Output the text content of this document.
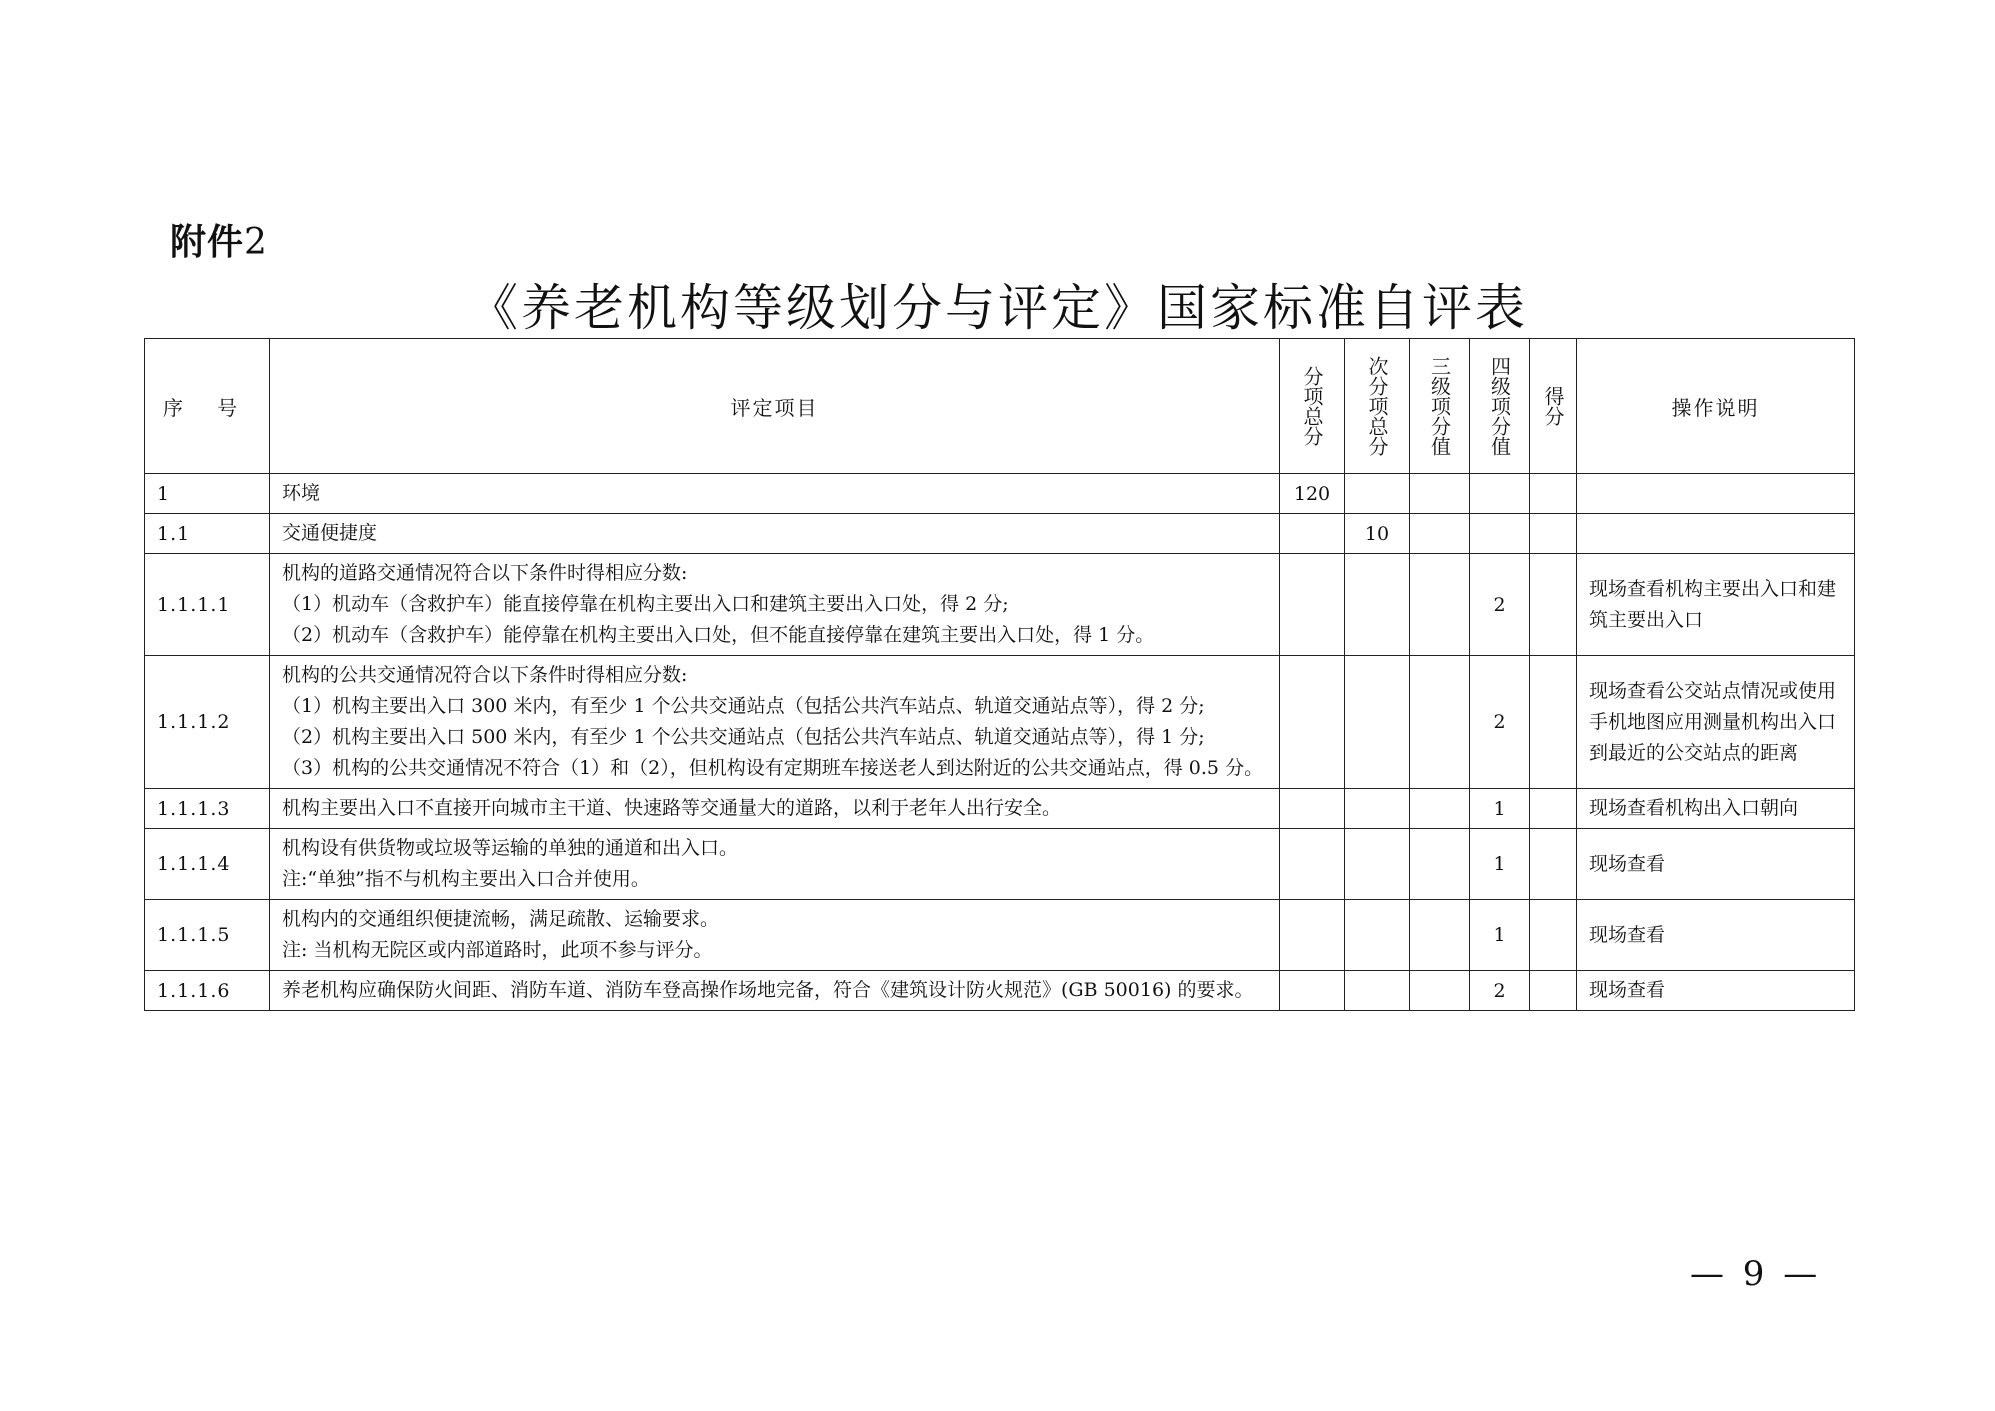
附件2
《养老机构等级划分与评定》国家标准自评表
序 号	评定项目	分项总分	次分项总分	三级项分值	四级项分值	得分	操作说明
1	环境	120					
1.1	交通便捷度		10				
1.1.1.1	机构的道路交通情况符合以下条件时得相应分数:
（1）机动车（含救护车）能直接停靠在机构主要出入口和建筑主要出入口处，得 2 分;
（2）机动车（含救护车）能停靠在机构主要出入口处，但不能直接停靠在建筑主要出入口处，得 1 分。				2		现场查看机构主要出入口和建筑主要出入口
1.1.1.2	机构的公共交通情况符合以下条件时得相应分数:
（1）机构主要出入口 300 米内，有至少 1 个公共交通站点（包括公共汽车站点、轨道交通站点等），得 2 分;
（2）机构主要出入口 500 米内，有至少 1 个公共交通站点（包括公共汽车站点、轨道交通站点等），得 1 分;
（3）机构的公共交通情况不符合（1）和（2），但机构设有定期班车接送老人到达附近的公共交通站点，得 0.5 分。				2		现场查看公交站点情况或使用手机地图应用测量机构出入口到最近的公交站点的距离
1.1.1.3	机构主要出入口不直接开向城市主干道、快速路等交通量大的道路，以利于老年人出行安全。				1		现场查看机构出入口朝向
1.1.1.4	机构设有供货物或垃圾等运输的单独的通道和出入口。
注:“单独”指不与机构主要出入口合并使用。				1		现场查看
1.1.1.5	机构内的交通组织便捷流畅，满足疏散、运输要求。
注: 当机构无院区或内部道路时，此项不参与评分。				1		现场查看
1.1.1.6	养老机构应确保防火间距、消防车道、消防车登高操作场地完备，符合《建筑设计防火规范》(GB 50016) 的要求。				2		现场查看
— 9 —
